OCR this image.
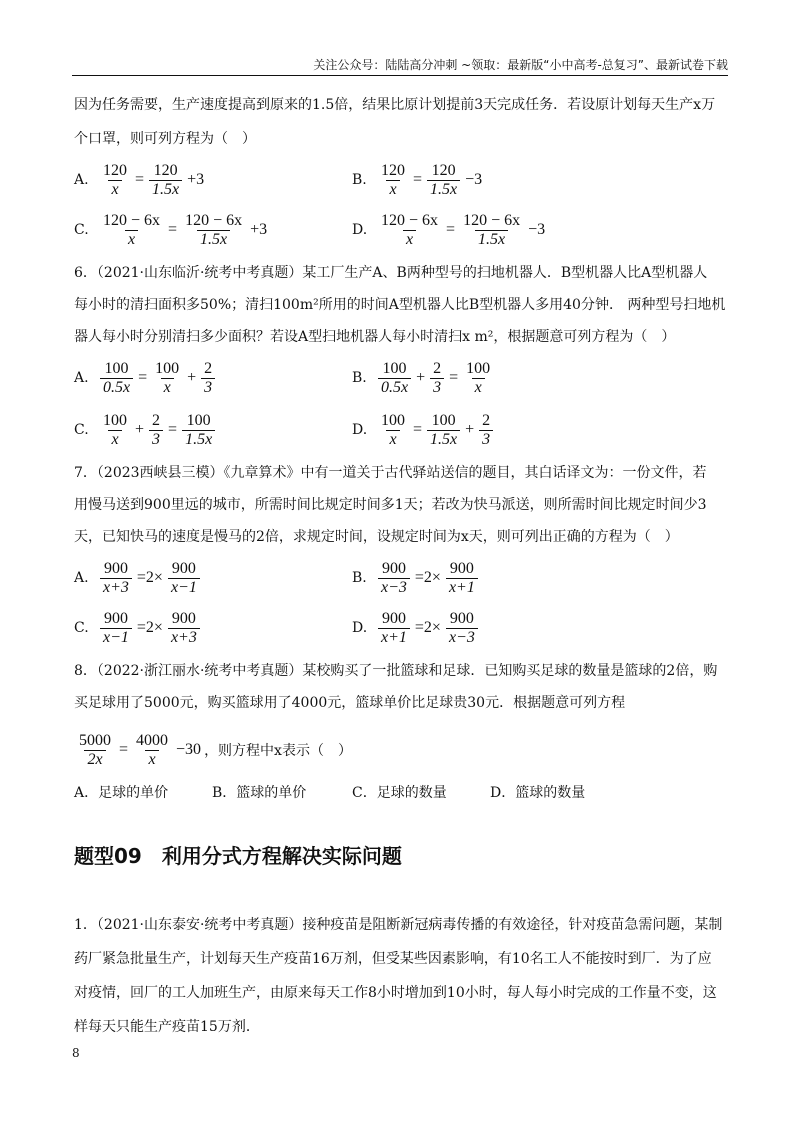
关注公众号：陆陆高分冲刺 ~领取：最新版“小中高考-总复习”、最新试卷下载
因为任务需要，生产速度提高到原来的1.5倍，结果比原计划提前3天完成任务．若设原计划每天生产x万
个口罩，则可列方程为（　）
A. $\frac{120}{x} = \frac{120}{1.5x} +3$	B. $\frac{120}{x} = \frac{120}{1.5x} -3$
C. $\frac{120 - 6x}{x} = \frac{120 - 6x}{1.5x} +3$	D. $\frac{120 - 6x}{x} = \frac{120 - 6x}{1.5x} -3$
6．（2021·山东临沂·统考中考真题）某工厂生产A、B两种型号的扫地机器人．B型机器人比A型机器人
每小时的清扫面积多50%；清扫100m²所用的时间A型机器人比B型机器人多用40分钟． 两种型号扫地机
器人每小时分别清扫多少面积？若设A型扫地机器人每小时清扫x m²，根据题意可列方程为（　）
A. $\frac{100}{0.5x} = \frac{100}{x} + \frac{2}{3}$	B. $\frac{100}{0.5x} + \frac{2}{3} = \frac{100}{x}$
C. $\frac{100}{x} + \frac{2}{3} = \frac{100}{1.5x}$	D. $\frac{100}{x} = \frac{100}{1.5x} + \frac{2}{3}$
7．（2023西峡县三模）《九章算术》中有一道关于古代驿站送信的题目，其白话译文为：一份文件，若
用慢马送到900里远的城市，所需时间比规定时间多1天；若改为快马派送，则所需时间比规定时间少3
天，已知快马的速度是慢马的2倍，求规定时间，设规定时间为x天，则可列出正确的方程为（　）
A. $\frac{900}{x+3} =2\times \frac{900}{x-1}$	B. $\frac{900}{x-3} =2\times \frac{900}{x+1}$
C. $\frac{900}{x-1} =2\times \frac{900}{x+3}$	D. $\frac{900}{x+1} =2\times \frac{900}{x-3}$
8．（2022·浙江丽水·统考中考真题）某校购买了一批篮球和足球．已知购买足球的数量是篮球的2倍，购
买足球用了5000元，购买篮球用了4000元，篮球单价比足球贵30元．根据题意可列方程
$\frac{5000}{2x} = \frac{4000}{x} -30$ ，则方程中x表示（　）
A．足球的单价	B．篮球的单价	C．足球的数量	D．篮球的数量
题型09　利用分式方程解决实际问题
1．（2021·山东泰安·统考中考真题）接种疫苗是阻断新冠病毒传播的有效途径，针对疫苗急需问题，某制
药厂紧急批量生产，计划每天生产疫苗16万剂，但受某些因素影响，有10名工人不能按时到厂．为了应
对疫情，回厂的工人加班生产，由原来每天工作8小时增加到10小时，每人每小时完成的工作量不变，这
样每天只能生产疫苗15万剂．
8
